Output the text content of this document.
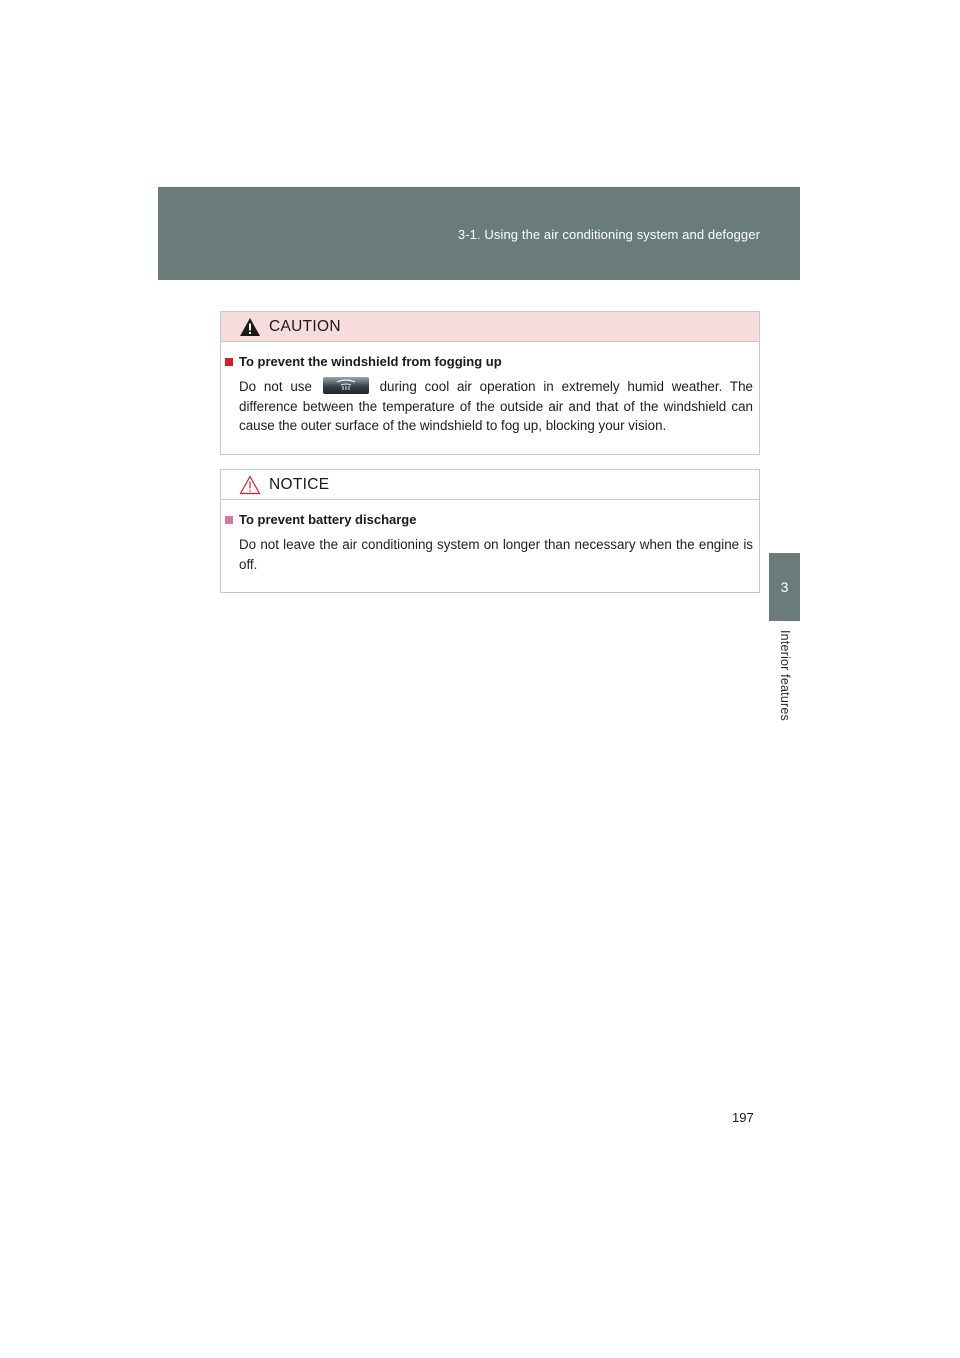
3-1. Using the air conditioning system and defogger
3
Interior features
CAUTION
To prevent the windshield from fogging up
Do not use	during cool air operation in extremely humid weather. The difference between the temperature of the outside air and that of the windshield can cause the outer surface of the windshield to fog up, blocking your vision.
NOTICE
To prevent battery discharge
Do not leave the air conditioning system on longer than necessary when the engine is off.
197
